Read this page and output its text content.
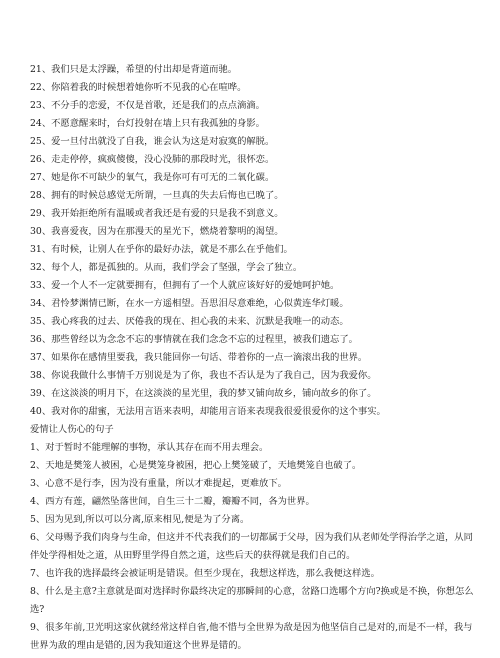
21、我们只是太浮躁，希望的付出却是背道而驰。
22、你陪着我的时候想着她你听不见我的心在喧哗。
23、不分手的恋爱，不仅是首歌，还是我们的点点滴滴。
24、不愿意醒来时，台灯投射在墙上只有我孤独的身影。
25、爱一旦付出就没了自我，谁会认为这是对寂寞的解脱。
26、走走停停，疯疯傻傻，没心没肺的那段时光，很怀恋。
27、她是你不可缺少的氧气，我是你可有可无的二氧化碳。
28、拥有的时候总感觉无所谓，一旦真的失去后悔也已晚了。
29、我开始拒绝所有温暖或者我还是有爱的只是我不到意义。
30、我喜爱夜，因为在那漫天的星光下，燃烧着黎明的渴望。
31、有时候，让别人在乎你的最好办法，就是不那么在乎他们。
32、每个人，都是孤独的。从而，我们学会了坚强，学会了独立。
33、爱一个人不一定就要拥有，但拥有了一个人就应该好好的爱她呵护她。
34、君怜梦渊情已断，在水一方遥相望。吾思泪尽意难绝，心似黄连华灯暖。
35、我心疼我的过去、厌倦我的现在、担心我的未来、沉默是我唯一的动态。
36、那些曾经以为念念不忘的事情就在我们念念不忘的过程里，被我们遗忘了。
37、如果你在感情里要我，我只能回你一句话、带着你的一点一滴滚出我的世界。
38、你说我做什么事情千万别说是为了你，我也不否认是为了我自己，因为我爱你。
39、在这淡淡的明月下，在这淡淡的星光里，我的梦又铺向故乡，铺向故乡的你了。
40、我对你的甜蜜，无法用言语来表明，却能用言语来表现我很爱很爱你的这个事实。
爱情让人伤心的句子
1、对于暂时不能理解的事物，承认其存在而不用去理会。
2、天地是樊笼人被困，心是樊笼身被困，把心上樊笼破了，天地樊笼自也破了。
3、心意不是行李，因为没有重量，所以才难提起，更难放下。
4、西方有莲，翩然坠落世间，自生三十二瓣，瓣瓣不同，各为世界。
5、因为见到,所以可以分离,原来相见,便是为了分离。
6、父母赐予我们肉身与生命，但这并不代表我们的一切都属于父母，因为我们从老师处学得治学之道，从同伴处学得相处之道，从田野里学得自然之道，这些后天的获得就是我们自己的。
7、也许我的选择最终会被证明是错误。但至少现在，我想这样选，那么我便这样选。
8、什么是主意?主意就是面对选择时你最终决定的那瞬间的心意，岔路口选哪个方向?换或是不换，你想怎么选?
9、很多年前,卫光明这家伙就经常这样自省,他不惜与全世界为敌是因为他坚信自己是对的,而是不一样，我与世界为敌的理由是错的,因为我知道这个世界是错的。
